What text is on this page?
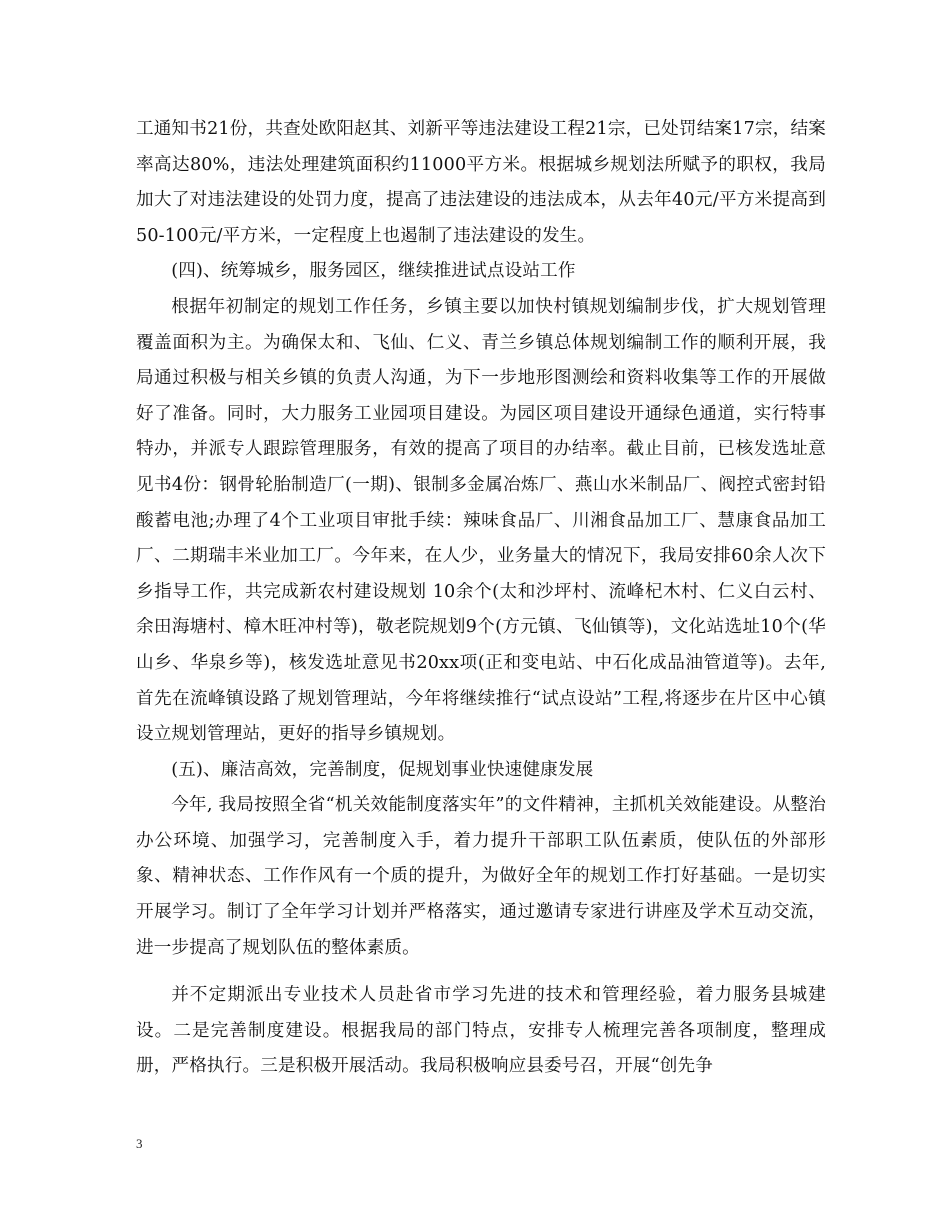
工通知书21份，共查处欧阳赵其、刘新平等违法建设工程21宗，已处罚结案17宗，结案率高达80%，违法处理建筑面积约11000平方米。根据城乡规划法所赋予的职权，我局加大了对违法建设的处罚力度，提高了违法建设的违法成本，从去年40元/平方米提高到50-100元/平方米，一定程度上也遏制了违法建设的发生。

(四)、统筹城乡，服务园区，继续推进试点设站工作

根据年初制定的规划工作任务，乡镇主要以加快村镇规划编制步伐，扩大规划管理覆盖面积为主。为确保太和、飞仙、仁义、青兰乡镇总体规划编制工作的顺利开展，我局通过积极与相关乡镇的负责人沟通，为下一步地形图测绘和资料收集等工作的开展做好了准备。同时，大力服务工业园项目建设。为园区项目建设开通绿色通道，实行特事特办，并派专人跟踪管理服务，有效的提高了项目的办结率。截止目前，已核发选址意见书4份：钢骨轮胎制造厂(一期)、银制多金属冶炼厂、燕山水米制品厂、阀控式密封铅酸蓄电池;办理了4个工业项目审批手续：辣味食品厂、川湘食品加工厂、慧康食品加工厂、二期瑞丰米业加工厂。今年来，在人少，业务量大的情况下，我局安排60余人次下乡指导工作，共完成新农村建设规划 10余个(太和沙坪村、流峰杞木村、仁义白云村、余田海塘村、樟木旺冲村等)，敬老院规划9个(方元镇、飞仙镇等)，文化站选址10个(华山乡、华泉乡等)，核发选址意见书20xx项(正和变电站、中石化成品油管道等)。去年,首先在流峰镇设路了规划管理站，今年将继续推行“试点设站”工程,将逐步在片区中心镇设立规划管理站，更好的指导乡镇规划。

(五)、廉洁高效，完善制度，促规划事业快速健康发展

今年, 我局按照全省“机关效能制度落实年”的文件精神，主抓机关效能建设。从整治办公环境、加强学习，完善制度入手，着力提升干部职工队伍素质，使队伍的外部形象、精神状态、工作作风有一个质的提升，为做好全年的规划工作打好基础。一是切实开展学习。制订了全年学习计划并严格落实，通过邀请专家进行讲座及学术互动交流，进一步提高了规划队伍的整体素质。

并不定期派出专业技术人员赴省市学习先进的技术和管理经验，着力服务县城建设。二是完善制度建设。根据我局的部门特点，安排专人梳理完善各项制度，整理成册，严格执行。三是积极开展活动。我局积极响应县委号召，开展“创先争

3
